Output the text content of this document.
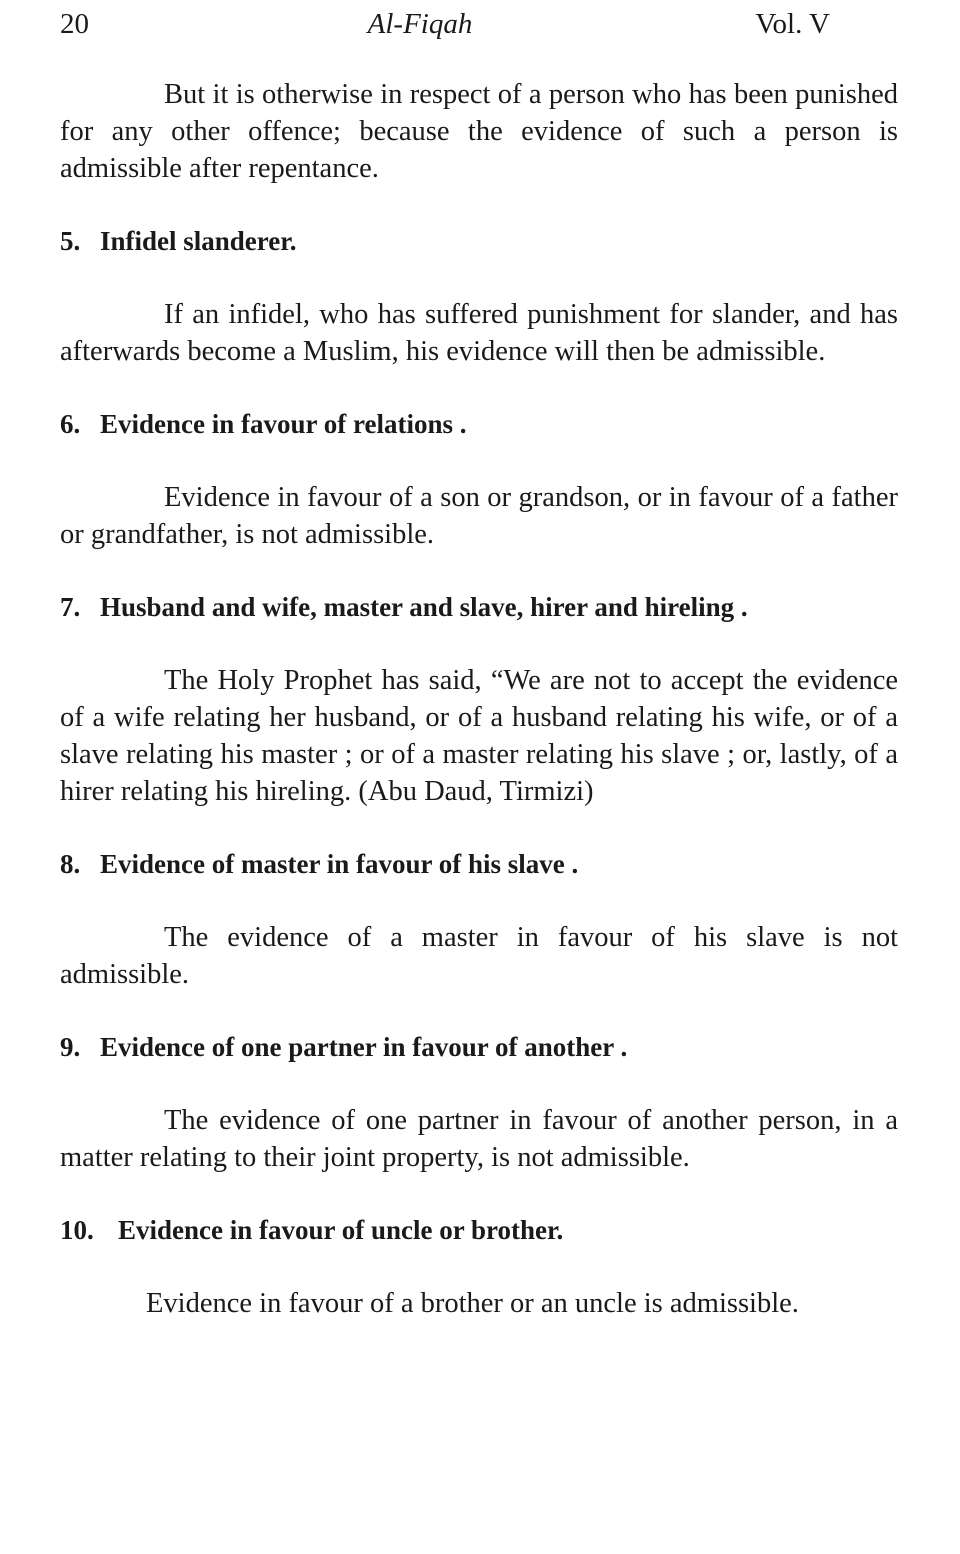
20	Al-Fiqah	Vol. V

But it is otherwise in respect of a person who has been punished for any other offence; because the evidence of such a person is admissible after repentance.

5. Infidel slanderer.

If an infidel, who has suffered punishment for slander, and has afterwards become a Muslim, his evidence will then be admissible.

6. Evidence in favour of relations .

Evidence in favour of a son or grandson, or in favour of a father or grandfather, is not admissible.

7. Husband and wife, master and slave, hirer and hireling .

The Holy Prophet has said, “We are not to accept the evidence of a wife relating her husband, or of a husband relating his wife, or of a slave relating his master ; or of a master relating his slave ; or, lastly, of a hirer relating his hireling. (Abu Daud, Tirmizi)

8. Evidence of master in favour of his slave .

The evidence of a master in favour of his slave is not admissible.

9. Evidence of one partner in favour of another .

The evidence of one partner in favour of another person, in a matter relating to their joint property, is not admissible.

10. Evidence in favour of uncle or brother.

Evidence in favour of a brother or an uncle is admissible.
